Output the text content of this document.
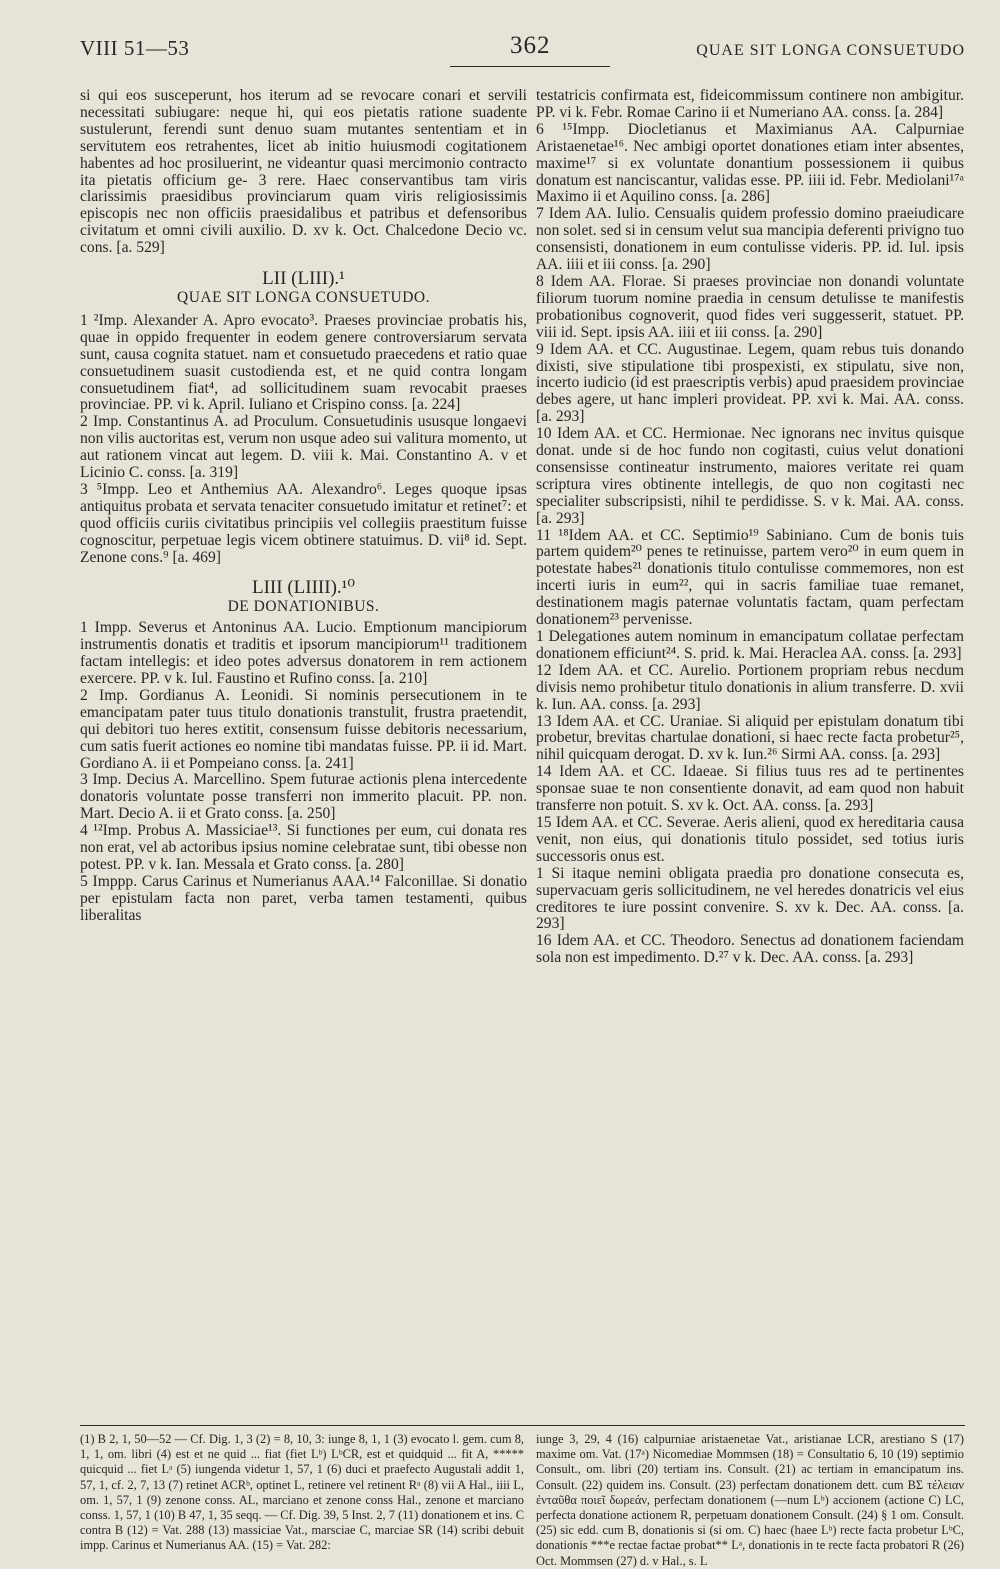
VIII 51—53	362	QUAE SIT LONGA CONSUETUDO

si qui eos susceperunt, hos iterum ad se revocare conari et servili necessitati subiugare: neque hi, qui eos pietatis ratione suadente sustulerunt, ferendi sunt denuo suam mutantes sententiam et in servitutem eos retrahentes, licet ab initio huiusmodi cogitationem habentes ad hoc prosiluerint, ne videantur quasi mercimonio contracto ita pietatis officium ge- 3 rere. Haec conservantibus tam viris clarissimis praesidibus provinciarum quam viris religiosissimis episcopis nec non officiis praesidalibus et patribus et defensoribus civitatum et omni civili auxilio. D. xv k. Oct. Chalcedone Decio vc. cons. [a. 529]

LII (LIII).¹

QUAE SIT LONGA CONSUETUDO.

1 ²Imp. Alexander A. Apro evocato³. Praeses provinciae probatis his, quae in oppido frequenter in eodem genere controversiarum servata sunt, causa cognita statuet. nam et consuetudo praecedens et ratio quae consuetudinem suasit custodienda est, et ne quid contra longam consuetudinem fiat⁴, ad sollicitudinem suam revocabit praeses provinciae. PP. vi k. April. Iuliano et Crispino conss. [a. 224]

2 Imp. Constantinus A. ad Proculum. Consuetudinis ususque longaevi non vilis auctoritas est, verum non usque adeo sui valitura momento, ut aut rationem vincat aut legem. D. viii k. Mai. Constantino A. v et Licinio C. conss. [a. 319]

3 ⁵Impp. Leo et Anthemius AA. Alexandro⁶. Leges quoque ipsas antiquitus probata et servata tenaciter consuetudo imitatur et retinet⁷: et quod officiis curiis civitatibus principiis vel collegiis praestitum fuisse cognoscitur, perpetuae legis vicem obtinere statuimus. D. vii⁸ id. Sept. Zenone cons.⁹ [a. 469]

LIII (LIIII).¹⁰

DE DONATIONIBUS.

1 Impp. Severus et Antoninus AA. Lucio. Emptionum mancipiorum instrumentis donatis et traditis et ipsorum mancipiorum¹¹ traditionem factam intellegis: et ideo potes adversus donatorem in rem actionem exercere. PP. v k. Iul. Faustino et Rufino conss. [a. 210]

2 Imp. Gordianus A. Leonidi. Si nominis persecutionem in te emancipatam pater tuus titulo donationis transtulit, frustra praetendit, qui debitori tuo heres extitit, consensum fuisse debitoris necessarium, cum satis fuerit actiones eo nomine tibi mandatas fuisse. PP. ii id. Mart. Gordiano A. ii et Pompeiano conss. [a. 241]

3 Imp. Decius A. Marcellino. Spem futurae actionis plena intercedente donatoris voluntate posse transferri non immerito placuit. PP. non. Mart. Decio A. ii et Grato conss. [a. 250]

4 ¹²Imp. Probus A. Massiciae¹³. Si functiones per eum, cui donata res non erat, vel ab actoribus ipsius nomine celebratae sunt, tibi obesse non potest. PP. v k. Ian. Messala et Grato conss. [a. 280]

5 Imppp. Carus Carinus et Numerianus AAA.¹⁴ Falconillae. Si donatio per epistulam facta non paret, verba tamen testamenti, quibus liberalitas

testatricis confirmata est, fideicommissum continere non ambigitur. PP. vi k. Febr. Romae Carino ii et Numeriano AA. conss. [a. 284]

6 ¹⁵Impp. Diocletianus et Maximianus AA. Calpurniae Aristaenetae¹⁶. Nec ambigi oportet donationes etiam inter absentes, maxime¹⁷ si ex voluntate donantium possessionem ii quibus donatum est nanciscantur, validas esse. PP. iiii id. Febr. Mediolani¹⁷ᵃ Maximo ii et Aquilino conss. [a. 286]

7 Idem AA. Iulio. Censualis quidem professio domino praeiudicare non solet. sed si in censum velut sua mancipia deferenti privigno tuo consensisti, donationem in eum contulisse videris. PP. id. Iul. ipsis AA. iiii et iii conss. [a. 290]

8 Idem AA. Florae. Si praeses provinciae non donandi voluntate filiorum tuorum nomine praedia in censum detulisse te manifestis probationibus cognoverit, quod fides veri suggesserit, statuet. PP. viii id. Sept. ipsis AA. iiii et iii conss. [a. 290]

9 Idem AA. et CC. Augustinae. Legem, quam rebus tuis donando dixisti, sive stipulatione tibi prospexisti, ex stipulatu, sive non, incerto iudicio (id est praescriptis verbis) apud praesidem provinciae debes agere, ut hanc impleri provideat. PP. xvi k. Mai. AA. conss. [a. 293]

10 Idem AA. et CC. Hermionae. Nec ignorans nec invitus quisque donat. unde si de hoc fundo non cogitasti, cuius velut donationi consensisse contineatur instrumento, maiores veritate rei quam scriptura vires obtinente intellegis, de quo non cogitasti nec specialiter subscripsisti, nihil te perdidisse. S. v k. Mai. AA. conss. [a. 293]

11 ¹⁸Idem AA. et CC. Septimio¹⁹ Sabiniano. Cum de bonis tuis partem quidem²⁰ penes te retinuisse, partem vero²⁰ in eum quem in potestate habes²¹ donationis titulo contulisse commemores, non est incerti iuris in eum²², qui in sacris familiae tuae remanet, destinationem magis paternae voluntatis factam, quam perfectam donationem²³ pervenisse.

1 Delegationes autem nominum in emancipatum collatae perfectam donationem efficiunt²⁴. S. prid. k. Mai. Heraclea AA. conss. [a. 293]

12 Idem AA. et CC. Aurelio. Portionem propriam rebus necdum divisis nemo prohibetur titulo donationis in alium transferre. D. xvii k. Iun. AA. conss. [a. 293]

13 Idem AA. et CC. Uraniae. Si aliquid per epistulam donatum tibi probetur, brevitas chartulae donationi, si haec recte facta probetur²⁵, nihil quicquam derogat. D. xv k. Iun.²⁶ Sirmi AA. conss. [a. 293]

14 Idem AA. et CC. Idaeae. Si filius tuus res ad te pertinentes sponsae suae te non consentiente donavit, ad eam quod non habuit transferre non potuit. S. xv k. Oct. AA. conss. [a. 293]

15 Idem AA. et CC. Severae. Aeris alieni, quod ex hereditaria causa venit, non eius, qui donationis titulo possidet, sed totius iuris successoris onus est.

1 Si itaque nemini obligata praedia pro donatione consecuta es, supervacuam geris sollicitudinem, ne vel heredes donatricis vel eius creditores te iure possint convenire. S. xv k. Dec. AA. conss. [a. 293]

16 Idem AA. et CC. Theodoro. Senectus ad donationem faciendam sola non est impedimento. D.²⁷ v k. Dec. AA. conss. [a. 293]

(1) B 2, 1, 50—52 — Cf. Dig. 1, 3 (2) = 8, 10, 3: iunge 8, 1, 1 (3) evocato l. gem. cum 8, 1, 1, om. libri (4) est et ne quid ... fiat (fiet Lᵇ) LᵇCR, est et quidquid ... fit A, ***** quicquid ... fiet Lᵃ (5) iungenda videtur 1, 57, 1 (6) duci et praefecto Augustali addit 1, 57, 1, cf. 2, 7, 13 (7) retinet ACRᵇ, optinet L, retinere vel retinent Rᵃ (8) vii A Hal., iiii L, om. 1, 57, 1 (9) zenone conss. AL, marciano et zenone conss Hal., zenone et marciano conss. 1, 57, 1 (10) B 47, 1, 35 seqq. — Cf. Dig. 39, 5 Inst. 2, 7 (11) donationem et ins. C contra B (12) = Vat. 288 (13) massiciae Vat., marsciae C, marciae SR (14) scribi debuit impp. Carinus et Numerianus AA. (15) = Vat. 282:

iunge 3, 29, 4 (16) calpurniae aristaenetae Vat., aristianae LCR, arestiano S (17) maxime om. Vat. (17ᵃ) Nicomediae Mommsen (18) = Consultatio 6, 10 (19) septimio Consult., om. libri (20) tertiam ins. Consult. (21) ac tertiam in emancipatum ins. Consult. (22) quidem ins. Consult. (23) perfectam donationem dett. cum BΣ τέλειαν ἐνταῦθα ποιεῖ δωρεάν, perfectam donationem (—num Lᵇ) accionem (actione C) LC, perfecta donatione actionem R, perpetuam donationem Consult. (24) § 1 om. Consult. (25) sic edd. cum B, donationis si (si om. C) haec (haee Lᵇ) recte facta probetur LᵇC, donationis ***e rectae factae probat** Lᵃ, donationis in te recte facta probatori R (26) Oct. Mommsen (27) d. v Hal., s. L
